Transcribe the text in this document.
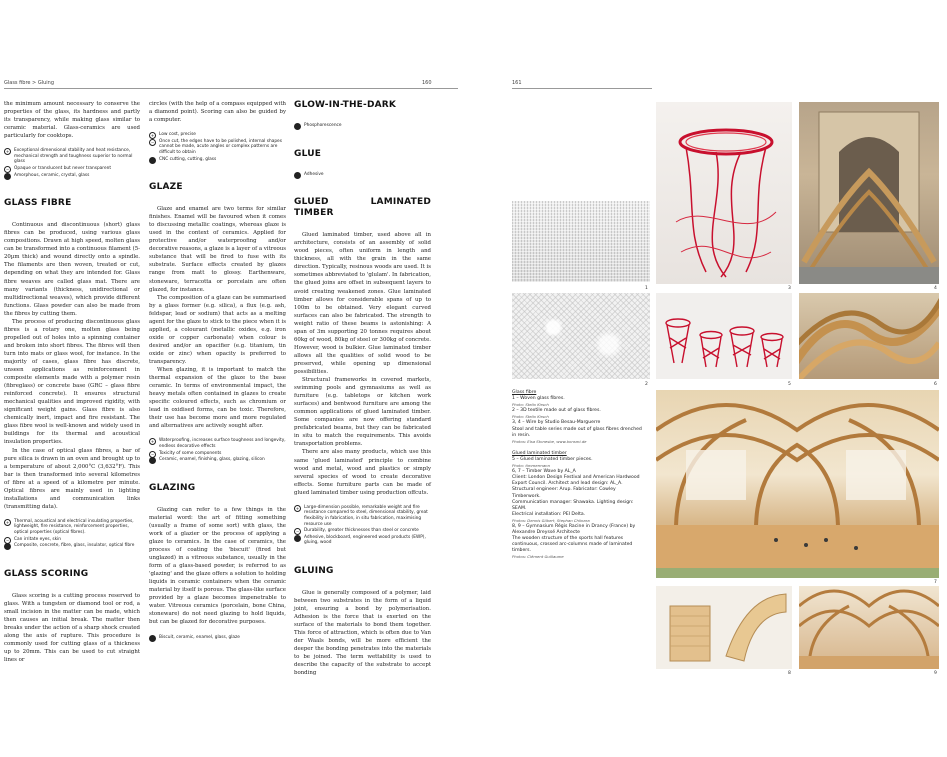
Glass fibre > Gluing	160

the minimum amount necessary to conserve the properties of the glass, its hardness and partly its transparency, while making glass similar to ceramic material. Glass-ceramics are used particularly for cooktops.

+	Exceptional dimensional stability and heat resistance, mechanical strength and toughness superior to normal glass
−	Opaque or translucent but never transparent
Amorphous, ceramic, crystal, glass
GLASS FIBRE

Continuous and discontinuous (short) glass fibres can be produced, using various glass compositions. Drawn at high speed, molten glass can be transformed into a continuous filament (5-20µm thick) and wound directly onto a spindle. The filaments are then woven, treated or cut, depending on what they are intended for. Glass fibre weaves are called glass mat. There are many variants (thickness, unidirectional or multidirectional weaves), which provide different functions. Glass powder can also be made from the fibres by cutting them.

The process of producing discontinuous glass fibres is a rotary one, molten glass being propelled out of holes into a spinning container and broken into short fibres. The fibres will then turn into mats or glass wool, for instance. In the majority of cases, glass fibre has discrete, unseen applications as reinforcement in composite elements made with a polymer resin (fibreglass) or concrete base (GRC – glass fibre reinforced concrete). It ensures structural mechanical qualities and improved rigidity, with significant weight gains. Glass fibre is also chemically inert, impact and fire resistant. The glass fibre wool is well-known and widely used in buildings for its thermal and acoustical insulation properties.

In the case of optical glass fibres, a bar of pure silica is drawn in an oven and brought up to a temperature of about 2,000°C (3,632°F). This bar is then transformed into several kilometres of fibre at a speed of a kilometre per minute. Optical fibres are mainly used in lighting installations and communication links (transmitting data).

+	Thermal, acoustical and electrical insulating properties, lightweight, fire resistance, reinforcement properties, optical properties (optical fibres).
−	Can irritate eyes, skin
Composite, concrete, fibre, glass, insulator, optical fibre
GLASS SCORING

Glass scoring is a cutting process reserved to glass. With a tungsten or diamond tool or rod, a small incision in the matter can be made, which then causes an initial break. The matter then breaks under the action of a sharp shock created along the axis of rupture. This procedure is commonly used for cutting glass of a thickness up to 20mm. This can be used to cut straight lines or

circles (with the help of a compass equipped with a diamond point). Scoring can also be guided by a computer.

+	Low cost, precise
−	Once cut, the edges have to be polished, internal shapes cannot be made, acute angles or complex patterns are difficult to obtain
CNC cutting, cutting, glass
GLAZE

Glaze and enamel are two terms for similar finishes. Enamel will be favoured when it comes to discussing metallic coatings, whereas glaze is used in the context of ceramics. Applied for protective and/or waterproofing and/or decorative reasons, a glaze is a layer of a vitreous substance that will be fired to fuse with its substrate. Surface effects created by glazes range from matt to glossy. Earthenware, stoneware, terracotta or porcelain are often glazed, for instance.

The composition of a glaze can be summarised by a glass former (e.g. silica), a flux (e.g. ash, feldspar, lead or sodium) that acts as a melting agent for the glaze to stick to the piece when it is applied, a colourant (metallic oxides, e.g. iron oxide or copper carbonate) when colour is desired and/or an opacifier (e.g. titanium, tin oxide or zinc) when opacity is preferred to transparency.

When glazing, it is important to match the thermal expansion of the glaze to the base ceramic. In terms of environmental impact, the heavy metals often contained in glazes to create specific coloured effects, such as chromium or lead in oxidised forms, can be toxic. Therefore, their use has become more and more regulated and alternatives are actively sought after.

+	Waterproofing, increases surface toughness and longevity, endless decorative effects
−	Toxicity of some components
Ceramic, enamel, finishing, glass, glazing, silicon
GLAZING

Glazing can refer to a few things in the material word: the art of fitting something (usually a frame of some sort) with glass, the work of a glazier or the process of applying a glaze to ceramics. In the case of ceramics, the process of coating the 'biscuit' (fired but unglazed) in a vitreous substance, usually in the form of a glass-based powder, is referred to as 'glazing' and the glaze offers a solution to holding liquids in ceramic containers when the ceramic material by itself is porous. The glass-like surface provided by a glaze becomes impenetrable to water. Vitreous ceramics (porcelain, bone China, stoneware) do not need glazing to hold liquids, but can be glazed for decorative purposes.

Biscuit, ceramic, enamel, glass, glaze
GLOW-IN-THE-DARK
Phosphorescence
GLUE
Adhesive
GLUED LAMINATED TIMBER

Glued laminated timber, used above all in architecture, consists of an assembly of solid wood pieces, often uniform in length and thickness, all with the grain in the same direction. Typically, resinous woods are used. It is sometimes abbreviated to 'glulam'. In fabrication, the glued joins are offset in subsequent layers to avoid creating weakened zones. Glue laminated timber allows for considerable spans of up to 100m to be obtained. Very elegant curved surfaces can also be fabricated. The strength to weight ratio of these beams is astonishing: A span of 3m supporting 20 tonnes requires about 60kg of wood, 80kg of steel or 300kg of concrete. However, wood is bulkier. Glue laminated timber allows all the qualities of solid wood to be preserved, while opening up dimensional possibilities.

Structural frameworks in covered markets, swimming pools and gymnasiums as well as furniture (e.g. tabletops or kitchen work surfaces) and bentwood furniture are among the common applications of glued laminated timber. Some companies are now offering standard prefabricated beams, but they can be fabricated in situ to match the requirements. This avoids transportation problems.

There are also many products, which use this same 'glued laminated' principle to combine wood and metal, wood and plastics or simply several species of wood to create decorative effects. Some furniture parts can be made of glued laminated timber using production offcuts.

+	Large-dimension possible, remarkable weight and fire resistance compared to steel, dimensional stability, great flexibility in fabrication, in situ fabrication, maximising resource use
−	Durability, greater thicknesses than steel or concrete
Adhesive, blockboard, engineered wood products (EWP), gluing, wood
GLUING

Glue is generally composed of a polymer, laid between two substrates in the form of a liquid joint, ensuring a bond by polymerisation. Adhesion is the force that is exerted on the surface of the materials to bond them together. This force of attraction, which is often due to Van der Waals bonds, will be more efficient the deeper the bonding penetrates into the materials to be joined. The term wettability is used to describe the capacity of the substrate to accept bonding

161
1
2
3	4
5	6
7
8	9
Glass fibre
1 – Woven glass fibres.
Photo: Stelio Kirsch
2 – 3D textile made out of glass fibres.
Photo: Stelio Kirsch
3, 4 – Wire by Studio Besau-Marguerre
Stool and table series made out of glass fibres drenched in resin.
Photos: Elsa Stonesbe, www.bonsmi.de
Glued laminated timber
5 – Glued laminated timber pieces.
Photo: timmermann
6, 7 – Timber Wave by AL_A
Client: London Design Festival and American Hardwood Export Council. Architect and lead design: AL_A.
Structural engineer: Arup. Fabricator: Cowley Timberwork.
Communication manager: Shawaka. Lighting design: SEAM.
Electrical installation: PEI Delta.
Photos: Dennis Gilbert, Stephan Chiinara
8, 9 – Gymnasium Régis Racine in Drancy (France) by Alexandre Dreyssé Architecte
The wooden structure of the sports hall features continuous, crossed arc-columns made of laminated timbers.
Photos: Clément Guillaume
